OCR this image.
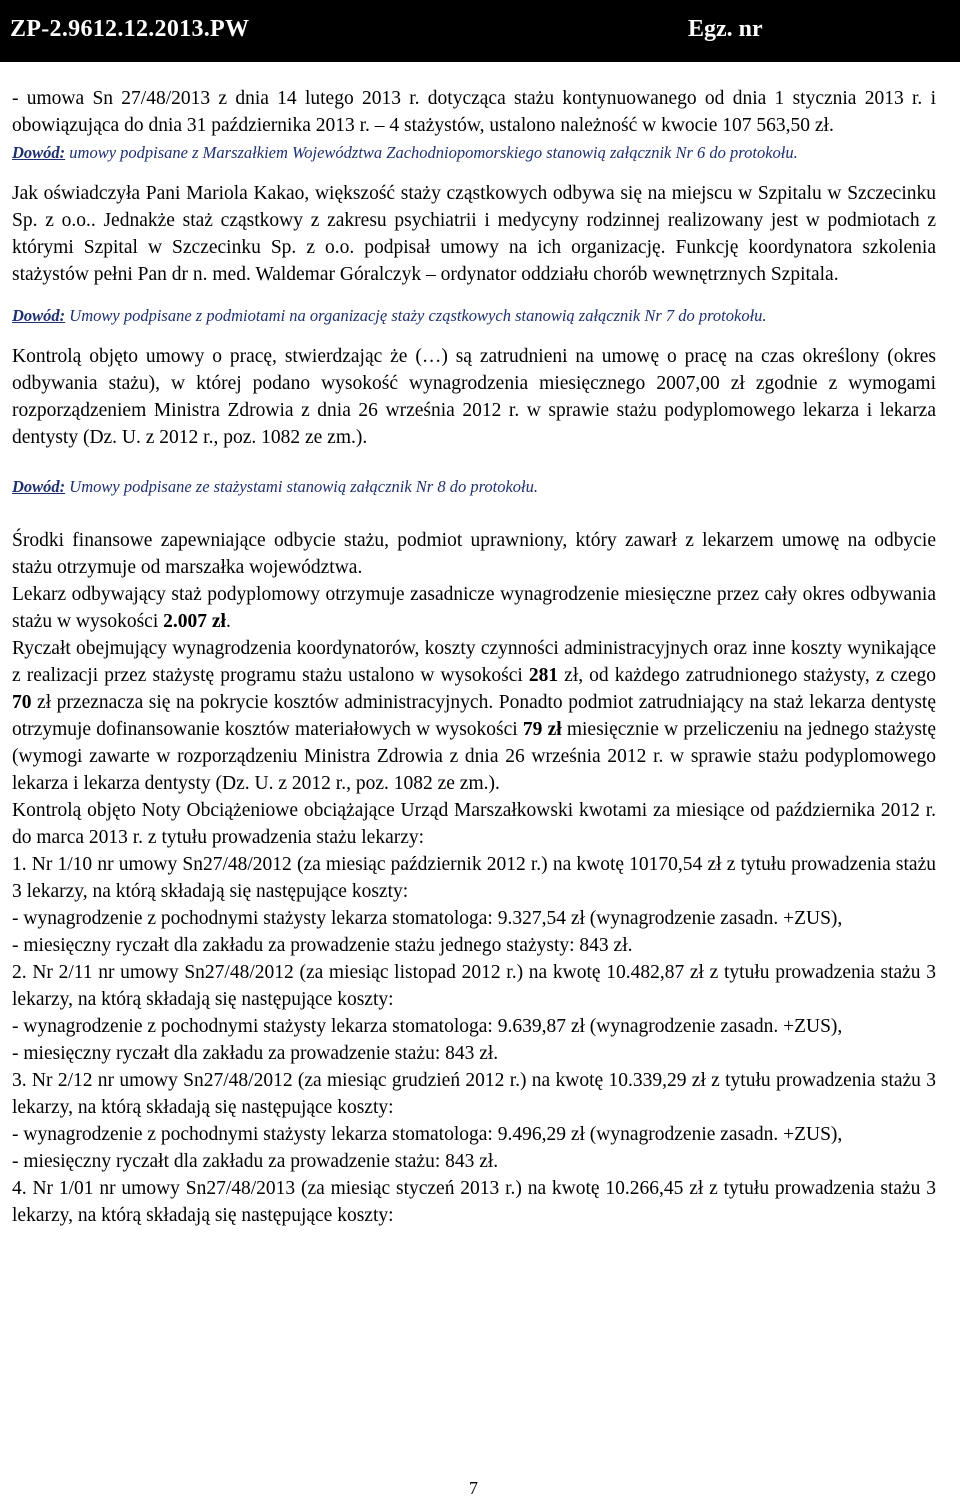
ZP-2.9612.12.2013.PW	Egz. nr

- umowa Sn 27/48/2013 z dnia 14 lutego 2013 r. dotycząca stażu kontynuowanego od dnia 1 stycznia 2013 r. i obowiązująca do dnia 31 października 2013 r. – 4 stażystów, ustalono należność w kwocie 107 563,50 zł.

Dowód: umowy podpisane z Marszałkiem Województwa Zachodniopomorskiego stanowią załącznik Nr 6 do protokołu.

Jak oświadczyła Pani Mariola Kakao, większość staży cząstkowych odbywa się na miejscu w Szpitalu w Szczecinku Sp. z o.o.. Jednakże staż cząstkowy z zakresu psychiatrii i medycyny rodzinnej realizowany jest w podmiotach z którymi Szpital w Szczecinku Sp. z o.o. podpisał umowy na ich organizację. Funkcję koordynatora szkolenia stażystów pełni Pan dr n. med. Waldemar Góralczyk – ordynator oddziału chorób wewnętrznych Szpitala.

Dowód: Umowy podpisane z podmiotami na organizację staży cząstkowych stanowią załącznik Nr 7 do protokołu.

Kontrolą objęto umowy o pracę, stwierdzając że (…) są zatrudnieni na umowę o pracę na czas określony (okres odbywania stażu), w której podano wysokość wynagrodzenia miesięcznego 2007,00 zł zgodnie z wymogami rozporządzeniem Ministra Zdrowia z dnia 26 września 2012 r. w sprawie stażu podyplomowego lekarza i lekarza dentysty (Dz. U. z 2012 r., poz. 1082 ze zm.).

Dowód: Umowy podpisane ze stażystami stanowią załącznik Nr 8 do protokołu.

Środki finansowe zapewniające odbycie stażu, podmiot uprawniony, który zawarł z lekarzem umowę na odbycie stażu otrzymuje od marszałka województwa.

Lekarz odbywający staż podyplomowy otrzymuje zasadnicze wynagrodzenie miesięczne przez cały okres odbywania stażu w wysokości 2.007 zł.

Ryczałt obejmujący wynagrodzenia koordynatorów, koszty czynności administracyjnych oraz inne koszty wynikające z realizacji przez stażystę programu stażu ustalono w wysokości 281 zł, od każdego zatrudnionego stażysty, z czego 70 zł przeznacza się na pokrycie kosztów administracyjnych. Ponadto podmiot zatrudniający na staż lekarza dentystę otrzymuje dofinansowanie kosztów materiałowych w wysokości 79 zł miesięcznie w przeliczeniu na jednego stażystę (wymogi zawarte w rozporządzeniu Ministra Zdrowia z dnia 26 września 2012 r. w sprawie stażu podyplomowego lekarza i lekarza dentysty (Dz. U. z 2012 r., poz. 1082 ze zm.).

Kontrolą objęto Noty Obciążeniowe obciążające Urząd Marszałkowski kwotami za miesiące od października 2012 r. do marca 2013 r. z tytułu prowadzenia stażu lekarzy:

1. Nr 1/10 nr umowy Sn27/48/2012 (za miesiąc październik 2012 r.) na kwotę 10170,54 zł z tytułu prowadzenia stażu 3 lekarzy, na którą składają się następujące koszty:

- wynagrodzenie z pochodnymi stażysty lekarza stomatologa: 9.327,54 zł (wynagrodzenie zasadn. +ZUS),

- miesięczny ryczałt dla zakładu za prowadzenie stażu jednego stażysty: 843 zł.

2. Nr 2/11 nr umowy Sn27/48/2012 (za miesiąc listopad 2012 r.) na kwotę 10.482,87 zł z tytułu prowadzenia stażu 3 lekarzy, na którą składają się następujące koszty:

- wynagrodzenie z pochodnymi stażysty lekarza stomatologa: 9.639,87 zł (wynagrodzenie zasadn. +ZUS),

- miesięczny ryczałt dla zakładu za prowadzenie stażu: 843 zł.

3. Nr 2/12 nr umowy Sn27/48/2012 (za miesiąc grudzień 2012 r.) na kwotę 10.339,29 zł z tytułu prowadzenia stażu 3 lekarzy, na którą składają się następujące koszty:

- wynagrodzenie z pochodnymi stażysty lekarza stomatologa: 9.496,29 zł (wynagrodzenie zasadn. +ZUS),

- miesięczny ryczałt dla zakładu za prowadzenie stażu: 843 zł.

4. Nr 1/01 nr umowy Sn27/48/2013 (za miesiąc styczeń 2013 r.) na kwotę 10.266,45 zł z tytułu prowadzenia stażu 3 lekarzy, na którą składają się następujące koszty:

7
